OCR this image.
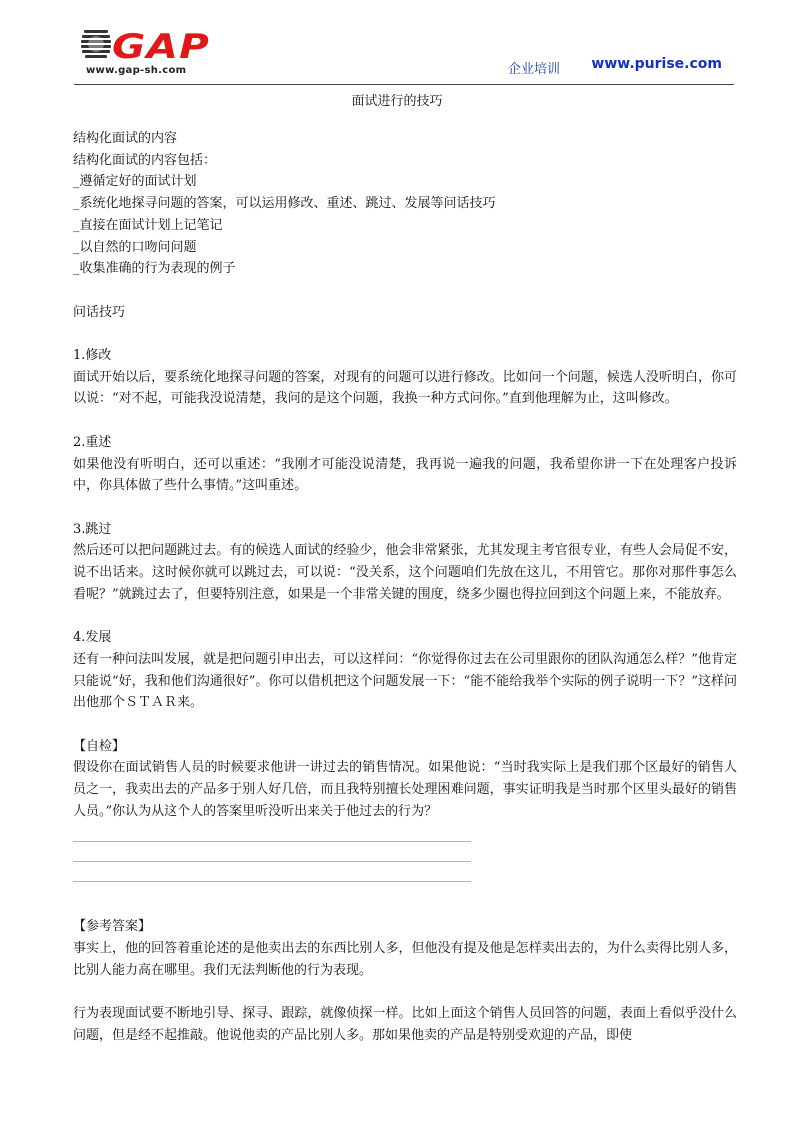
GAP
www.gap-sh.com	企业培训 www.purise.com
面试进行的技巧

结构化面试的内容

结构化面试的内容包括：

_遵循定好的面试计划

_系统化地探寻问题的答案，可以运用修改、重述、跳过、发展等问话技巧

_直接在面试计划上记笔记

_以自然的口吻问问题

_收集准确的行为表现的例子

问话技巧

1.修改

面试开始以后，要系统化地探寻问题的答案，对现有的问题可以进行修改。比如问一个问题，候选人没听明白，你可以说：“对不起，可能我没说清楚，我问的是这个问题，我换一种方式问你。”直到他理解为止，这叫修改。

2.重述

如果他没有听明白，还可以重述：“我刚才可能没说清楚，我再说一遍我的问题，我希望你讲一下在处理客户投诉中，你具体做了些什么事情。”这叫重述。

3.跳过

然后还可以把问题跳过去。有的候选人面试的经验少，他会非常紧张，尤其发现主考官很专业，有些人会局促不安，说不出话来。这时候你就可以跳过去，可以说：“没关系，这个问题咱们先放在这儿，不用管它。那你对那件事怎么看呢？”就跳过去了，但要特别注意，如果是一个非常关键的围度，绕多少圈也得拉回到这个问题上来，不能放弃。

4.发展

还有一种问法叫发展，就是把问题引申出去，可以这样问：“你觉得你过去在公司里跟你的团队沟通怎么样？”他肯定只能说“好，我和他们沟通很好”。你可以借机把这个问题发展一下：“能不能给我举个实际的例子说明一下？”这样问出他那个ＳＴＡＲ来。

【自检】

假设你在面试销售人员的时候要求他讲一讲过去的销售情况。如果他说：“当时我实际上是我们那个区最好的销售人员之一，我卖出去的产品多于别人好几倍，而且我特别擅长处理困难问题，事实证明我是当时那个区里头最好的销售人员。”你认为从这个人的答案里听没听出来关于他过去的行为？

【参考答案】

事实上，他的回答着重论述的是他卖出去的东西比别人多，但他没有提及他是怎样卖出去的，为什么卖得比别人多，比别人能力高在哪里。我们无法判断他的行为表现。

行为表现面试要不断地引导、探寻、跟踪，就像侦探一样。比如上面这个销售人员回答的问题，表面上看似乎没什么问题，但是经不起推敲。他说他卖的产品比别人多。那如果他卖的产品是特别受欢迎的产品，即使
